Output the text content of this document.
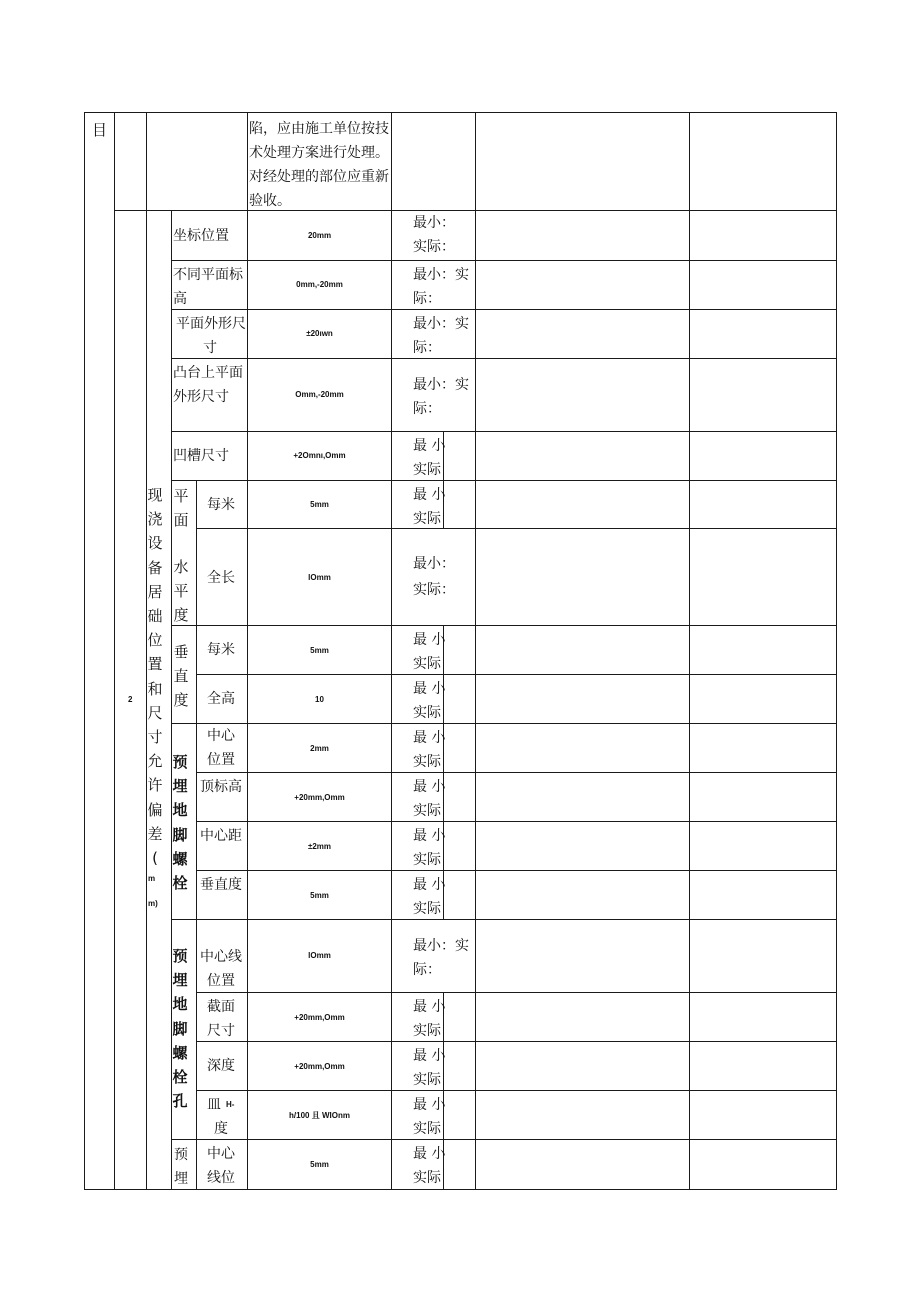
目	陷，应由施工单位按技
术处理方案进行处理。
对经处理的部位应重新
验收。
2
现
浇
设
备
居
础
位
置
和
尺
寸
允
许
偏
差
(
m
m)
平
面
水
平
度
垂
直
度
预
埋
地
脚
螺
栓
预
埋
地
脚
螺
栓
孔
预
埋
坐标位置
不同平面标
高
平面外形尺
寸
凸台上平面
外形尺寸
凹槽尺寸
每米
全长
每米
全高
中心
位置
顶标高
中心距
垂直度
中心线
位置
截面
尺寸
深度
皿 H-
度
中心
线位
20mm
0mm,-20mm
±20ıwn
Omm,-20mm
+2Omnı,Omm
5mm
lOmm
5mm
10
2mm
+20mm,Omm
±2mm
5mm
lOmm
+20mm,Omm
+20mm,Omm
h/100 且 WIOnm
5mm
最小：
实际：
最小：实
际：
最小：实
际：
最小：实
际：
最 小
实际
最 小
实际
最小：
实际：
最 小
实际
最 小
实际
最 小
实际
最 小
实际
最 小
实际
最 小
实际
最小：实
际：
最 小
实际
最 小
实际
最 小
实际
最 小
实际
